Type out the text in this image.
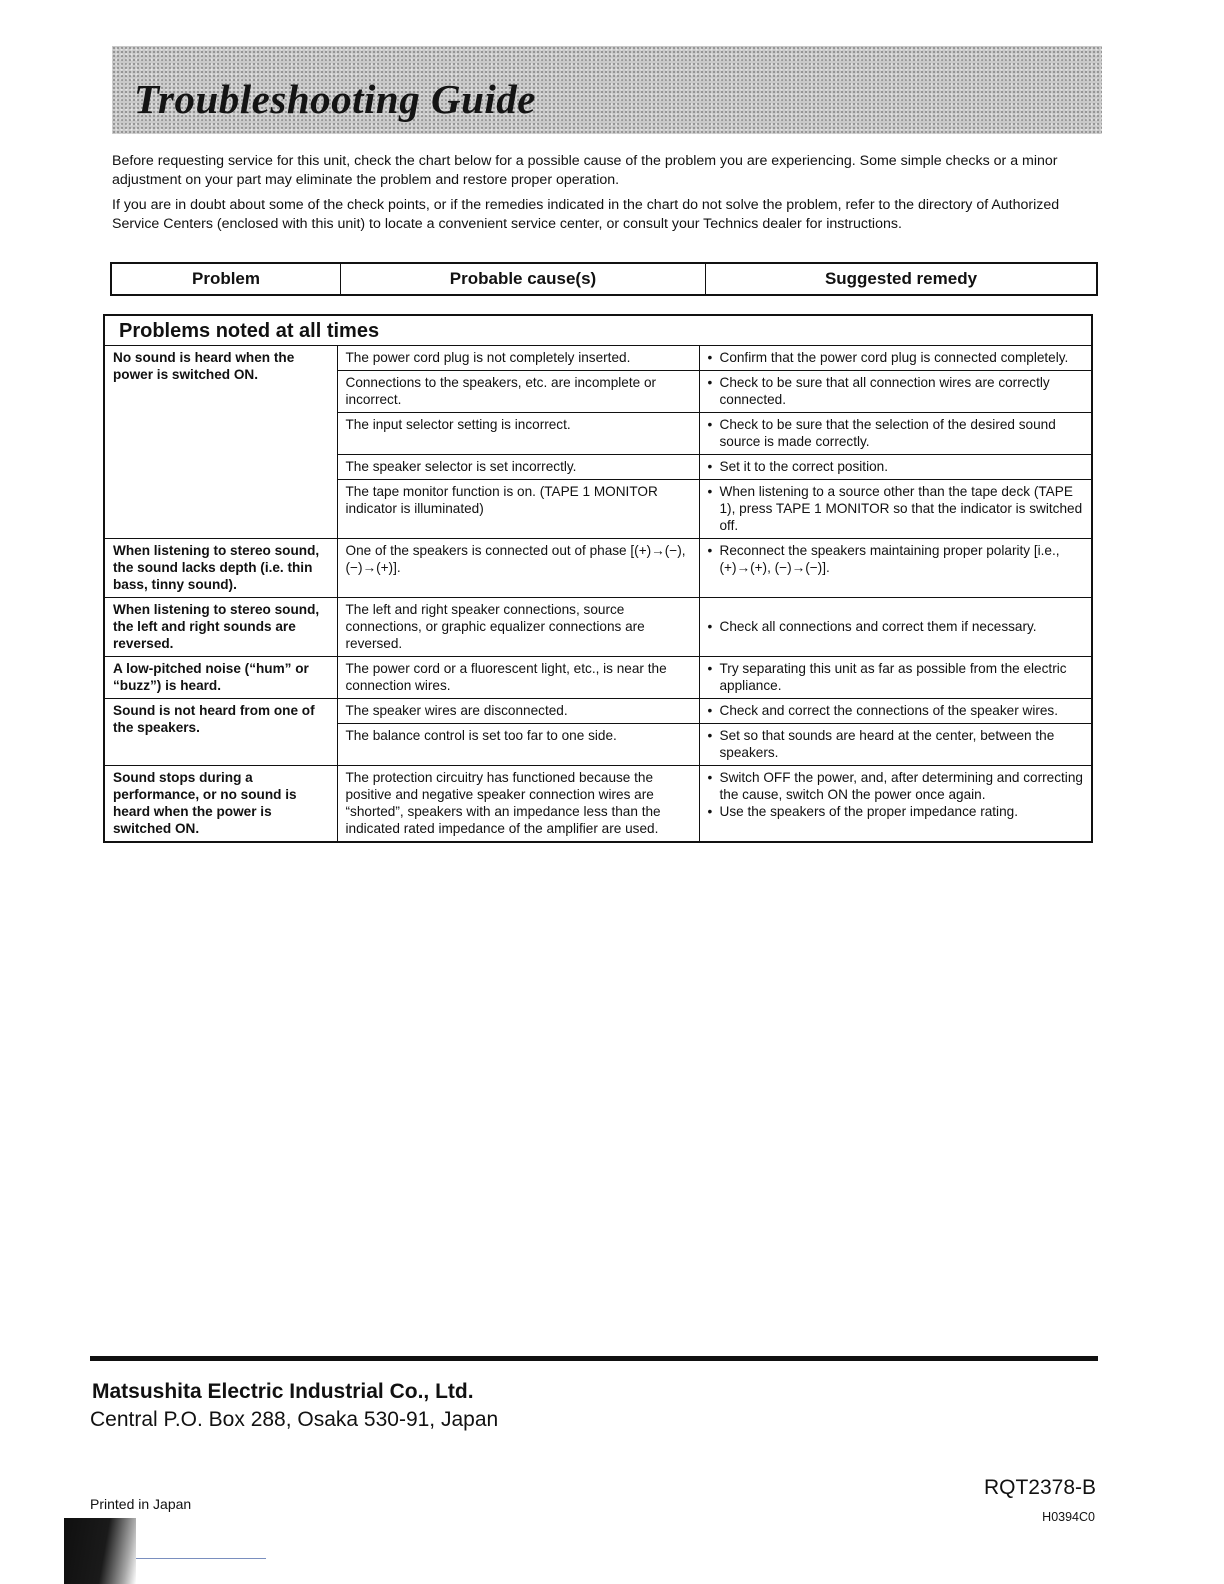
Troubleshooting Guide

Before requesting service for this unit, check the chart below for a possible cause of the problem you are experiencing. Some simple checks or a minor adjustment on your part may eliminate the problem and restore proper operation.

If you are in doubt about some of the check points, or if the remedies indicated in the chart do not solve the problem, refer to the directory of Authorized Service Centers (enclosed with this unit) to locate a convenient service center, or consult your Technics dealer for instructions.

Problem	Probable cause(s)	Suggested remedy
Problems noted at all times
No sound is heard when the power is switched ON.	The power cord plug is not completely inserted.	• Confirm that the power cord plug is connected completely.

	Connections to the speakers, etc. are incomplete or incorrect.	• Check to be sure that all connection wires are correctly connected.

	The input selector setting is incorrect.	• Check to be sure that the selection of the desired sound source is made correctly.

	The speaker selector is set incorrectly.	• Set it to the correct position.

	The tape monitor function is on. (TAPE 1 MONITOR indicator is illuminated)	• When listening to a source other than the tape deck (TAPE 1), press TAPE 1 MONITOR so that the indicator is switched off.

When listening to stereo sound, the sound lacks depth (i.e. thin bass, tinny sound).	One of the speakers is connected out of phase [(+)→(−), (−)→(+)].	• Reconnect the speakers maintaining proper polarity [i.e., (+)→(+), (−)→(−)].

When listening to stereo sound, the left and right sounds are reversed.	The left and right speaker connections, source connections, or graphic equalizer connections are reversed.	• Check all connections and correct them if necessary.

A low-pitched noise (“hum” or “buzz”) is heard.	The power cord or a fluorescent light, etc., is near the connection wires.	• Try separating this unit as far as possible from the electric appliance.

Sound is not heard from one of the speakers.	The speaker wires are disconnected.	• Check and correct the connections of the speaker wires.

	The balance control is set too far to one side.	• Set so that sounds are heard at the center, between the speakers.

Sound stops during a performance, or no sound is heard when the power is switched ON.	The protection circuitry has functioned because the positive and negative speaker connection wires are “shorted”, speakers with an impedance less than the indicated rated impedance of the amplifier are used.	• Switch OFF the power, and, after determining and correcting the cause, switch ON the power once again.
• Use the speakers of the proper impedance rating.

Matsushita Electric Industrial Co., Ltd.

Central P.O. Box 288, Osaka 530-91, Japan

Printed in Japan
RQT2378-B
H0394C0
